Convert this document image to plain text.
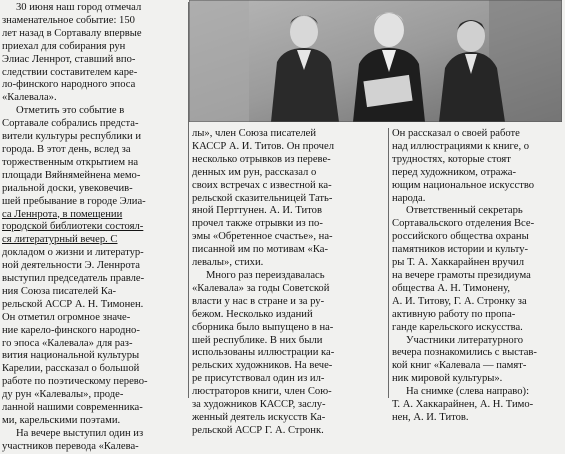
30 июня наш город отмечал
знаменательное событие: 150
лет назад в Сортавалу впервые
приехал для собирания рун
Элиас Леннрот, ставший впо-
следствии составителем каре-
ло-финского народного эпоса
«Калевала».
Отметить это событие в
Сортавале собрались предста-
вители культуры республики и
города. В этот день, вслед за
торжественным открытием на
площади Вяйнямейнена мемо-
риальной доски, увековечив-
шей пребывание в городе Элиа-
са Леннрота, в помещении
городской библиотеки состоял-
ся литературный вечер. С
докладом о жизни и литератур-
ной деятельности Э. Леннрота
выступил председатель правле-
ния Союза писателей Ка-
рельской АССР А. Н. Тимонен.
Он отметил огромное значе-
ние карело-финского народно-
го эпоса «Калевала» для раз-
вития национальной культуры
Карелии, рассказал о большой
работе по поэтическому перево-
ду рун «Калевалы», проде-
ланной нашими современника-
ми, карельскими поэтами.
На вечере выступил один из
участников перевода «Калева-
лы», член Союза писателей
КАССР А. И. Титов. Он прочел
несколько отрывков из переве-
денных им рун, рассказал о
своих встречах с известной ка-
рельской сказительницей Тать-
яной Перттунен. А. И. Титов
прочел также отрывки из по-
эмы «Обретенное счастье», на-
писанной им по мотивам «Ка-
левалы», стихи.
Много раз переиздавалась
«Калевала» за годы Советской
власти у нас в стране и за ру-
бежом. Несколько изданий
сборника было выпущено в на-
шей республике. В них были
использованы иллюстрации ка-
рельских художников. На вече-
ре присутствовал один из ил-
люстраторов книги, член Сою-
за художников КАССР, заслу-
женный деятель искусств Ка-
рельской АССР Г. А. Стронк.
Он рассказал о своей работе
над иллюстрациями к книге, о
трудностях, которые стоят
перед художником, отража-
ющим национальное искусство
народа.
Ответственный секретарь
Сортавальского отделения Все-
российского общества охраны
памятников истории и культу-
ры Т. А. Хаккарайнен вручил
на вечере грамоты президиума
общества А. Н. Тимонену,
А. И. Титову, Г. А. Стронку за
активную работу по пропа-
ганде карельского искусства.
Участники литературного
вечера познакомились с выстав-
кой книг «Калевала — памят-
ник мировой культуры».
На снимке (слева направо):
Т. А. Хаккарайнен, А. Н. Тимо-
нен, А. И. Титов.
